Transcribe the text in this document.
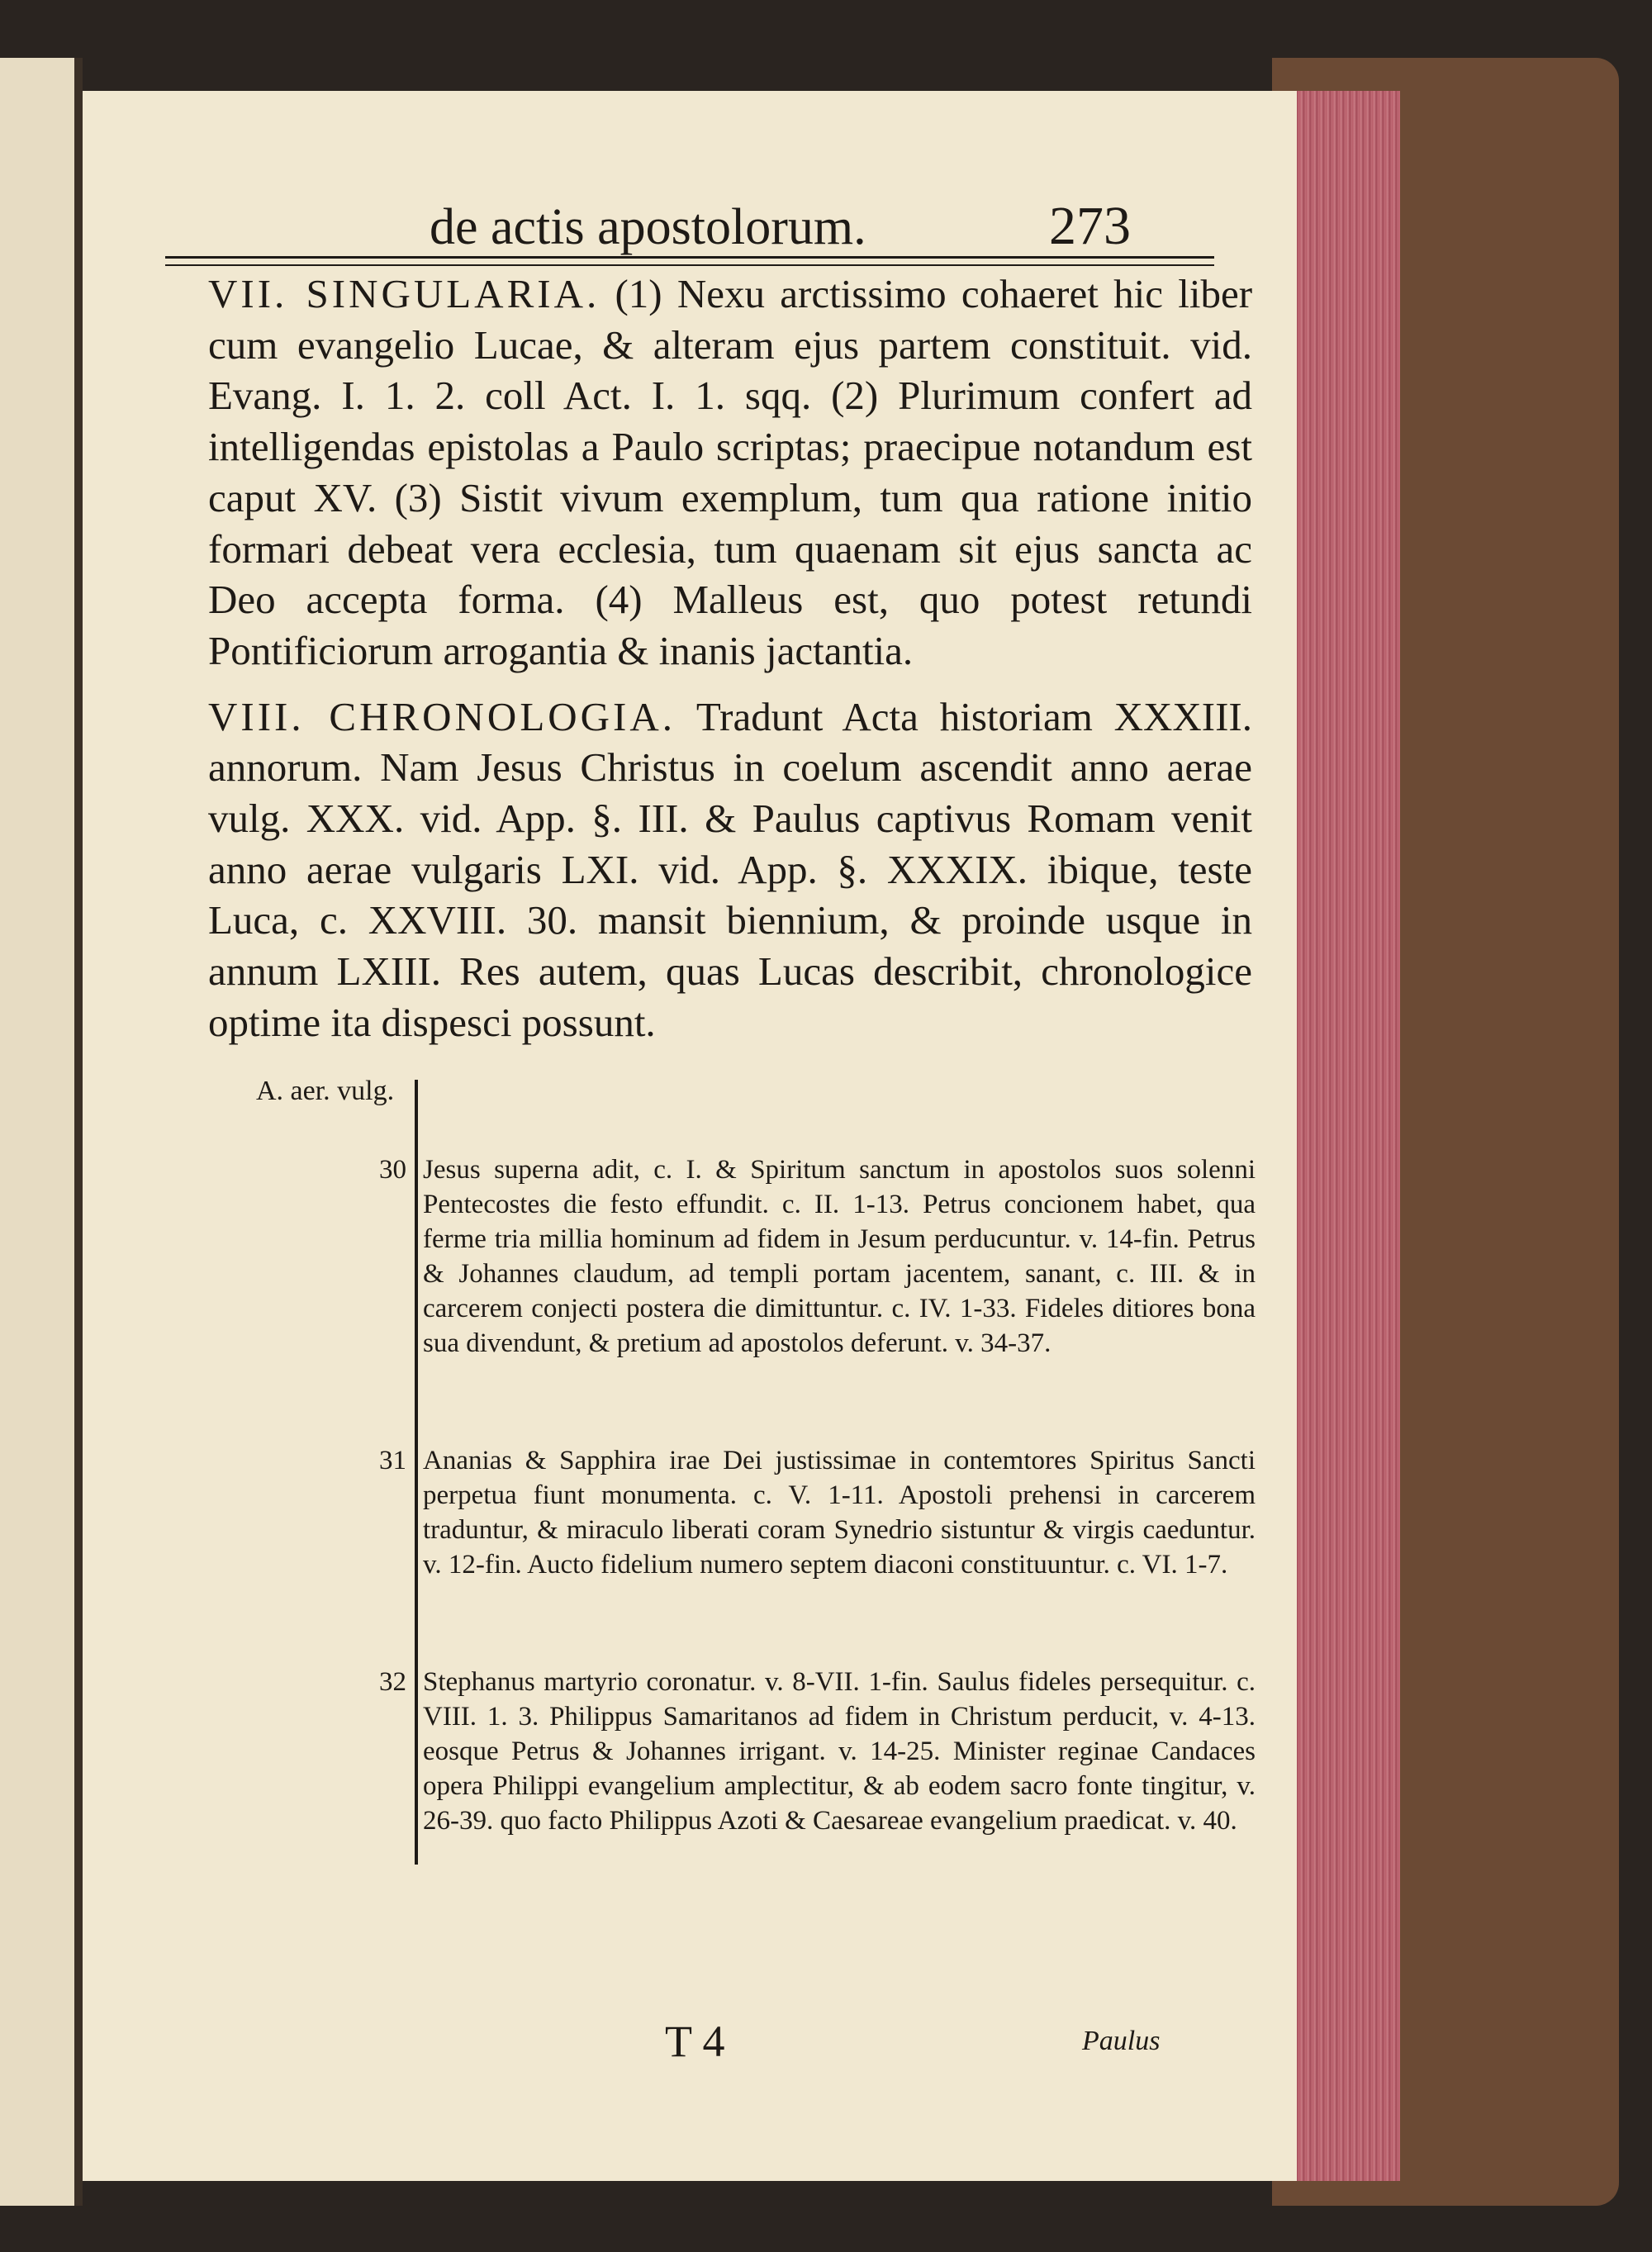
de actis apostolorum.	273

VII. SINGULARIA. (1) Nexu arctissimo cohaeret hic liber cum evangelio Lucae, & alteram ejus partem constituit. vid. Evang. I. 1. 2. coll Act. I. 1. sqq. (2) Plurimum confert ad intelligendas epistolas a Paulo scriptas; praecipue notandum est caput XV. (3) Sistit vivum exemplum, tum qua ratione initio formari debeat vera ecclesia, tum quaenam sit ejus sancta ac Deo accepta forma. (4) Malleus est, quo potest retundi Pontificiorum arrogantia & inanis jactantia.

VIII. CHRONOLOGIA. Tradunt Acta historiam XXXIII. annorum. Nam Jesus Christus in coelum ascendit anno aerae vulg. XXX. vid. App. §. III. & Paulus captivus Romam venit anno aerae vulgaris LXI. vid. App. §. XXXIX. ibique, teste Luca, c. XXVIII. 30. mansit biennium, & proinde usque in annum LXIII. Res autem, quas Lucas describit, chronologice optime ita dispesci possunt.

A. aer. vulg.
30 Jesus superna adit, c. I. & Spiritum sanctum in apostolos suos solenni Pentecostes die festo effundit. c. II. 1-13. Petrus concionem habet, qua ferme tria millia hominum ad fidem in Jesum perducuntur. v. 14-fin. Petrus & Johannes claudum, ad templi portam jacentem, sanant, c. III. & in carcerem conjecti postera die dimittuntur. c. IV. 1-33. Fideles ditiores bona sua divendunt, & pretium ad apostolos deferunt. v. 34-37.

31 Ananias & Sapphira irae Dei justissimae in contemtores Spiritus Sancti perpetua fiunt monumenta. c. V. 1-11. Apostoli prehensi in carcerem traduntur, & miraculo liberati coram Synedrio sistuntur & virgis caeduntur. v. 12-fin. Aucto fidelium numero septem diaconi constituuntur. c. VI. 1-7.

32 Stephanus martyrio coronatur. v. 8-VII. 1-fin. Saulus fideles persequitur. c. VIII. 1. 3. Philippus Samaritanos ad fidem in Christum perducit, v. 4-13. eosque Petrus & Johannes irrigant. v. 14-25. Minister reginae Candaces opera Philippi evangelium amplectitur, & ab eodem sacro fonte tingitur, v. 26-39. quo facto Philippus Azoti & Caesareae evangelium praedicat. v. 40.

T 4	Paulus
